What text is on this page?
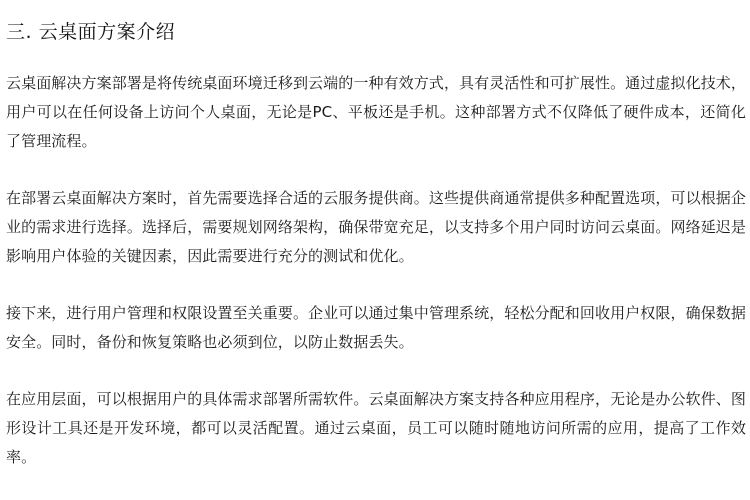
三. 云桌面方案介绍

云桌面解决方案部署是将传统桌面环境迁移到云端的一种有效方式，具有灵活性和可扩展性。通过虚拟化技术，用户可以在任何设备上访问个人桌面，无论是PC、平板还是手机。这种部署方式不仅降低了硬件成本，还简化了管理流程。

在部署云桌面解决方案时，首先需要选择合适的云服务提供商。这些提供商通常提供多种配置选项，可以根据企业的需求进行选择。选择后，需要规划网络架构，确保带宽充足，以支持多个用户同时访问云桌面。网络延迟是影响用户体验的关键因素，因此需要进行充分的测试和优化。

接下来，进行用户管理和权限设置至关重要。企业可以通过集中管理系统，轻松分配和回收用户权限，确保数据安全。同时，备份和恢复策略也必须到位，以防止数据丢失。

在应用层面，可以根据用户的具体需求部署所需软件。云桌面解决方案支持各种应用程序，无论是办公软件、图形设计工具还是开发环境，都可以灵活配置。通过云桌面，员工可以随时随地访问所需的应用，提高了工作效率。
